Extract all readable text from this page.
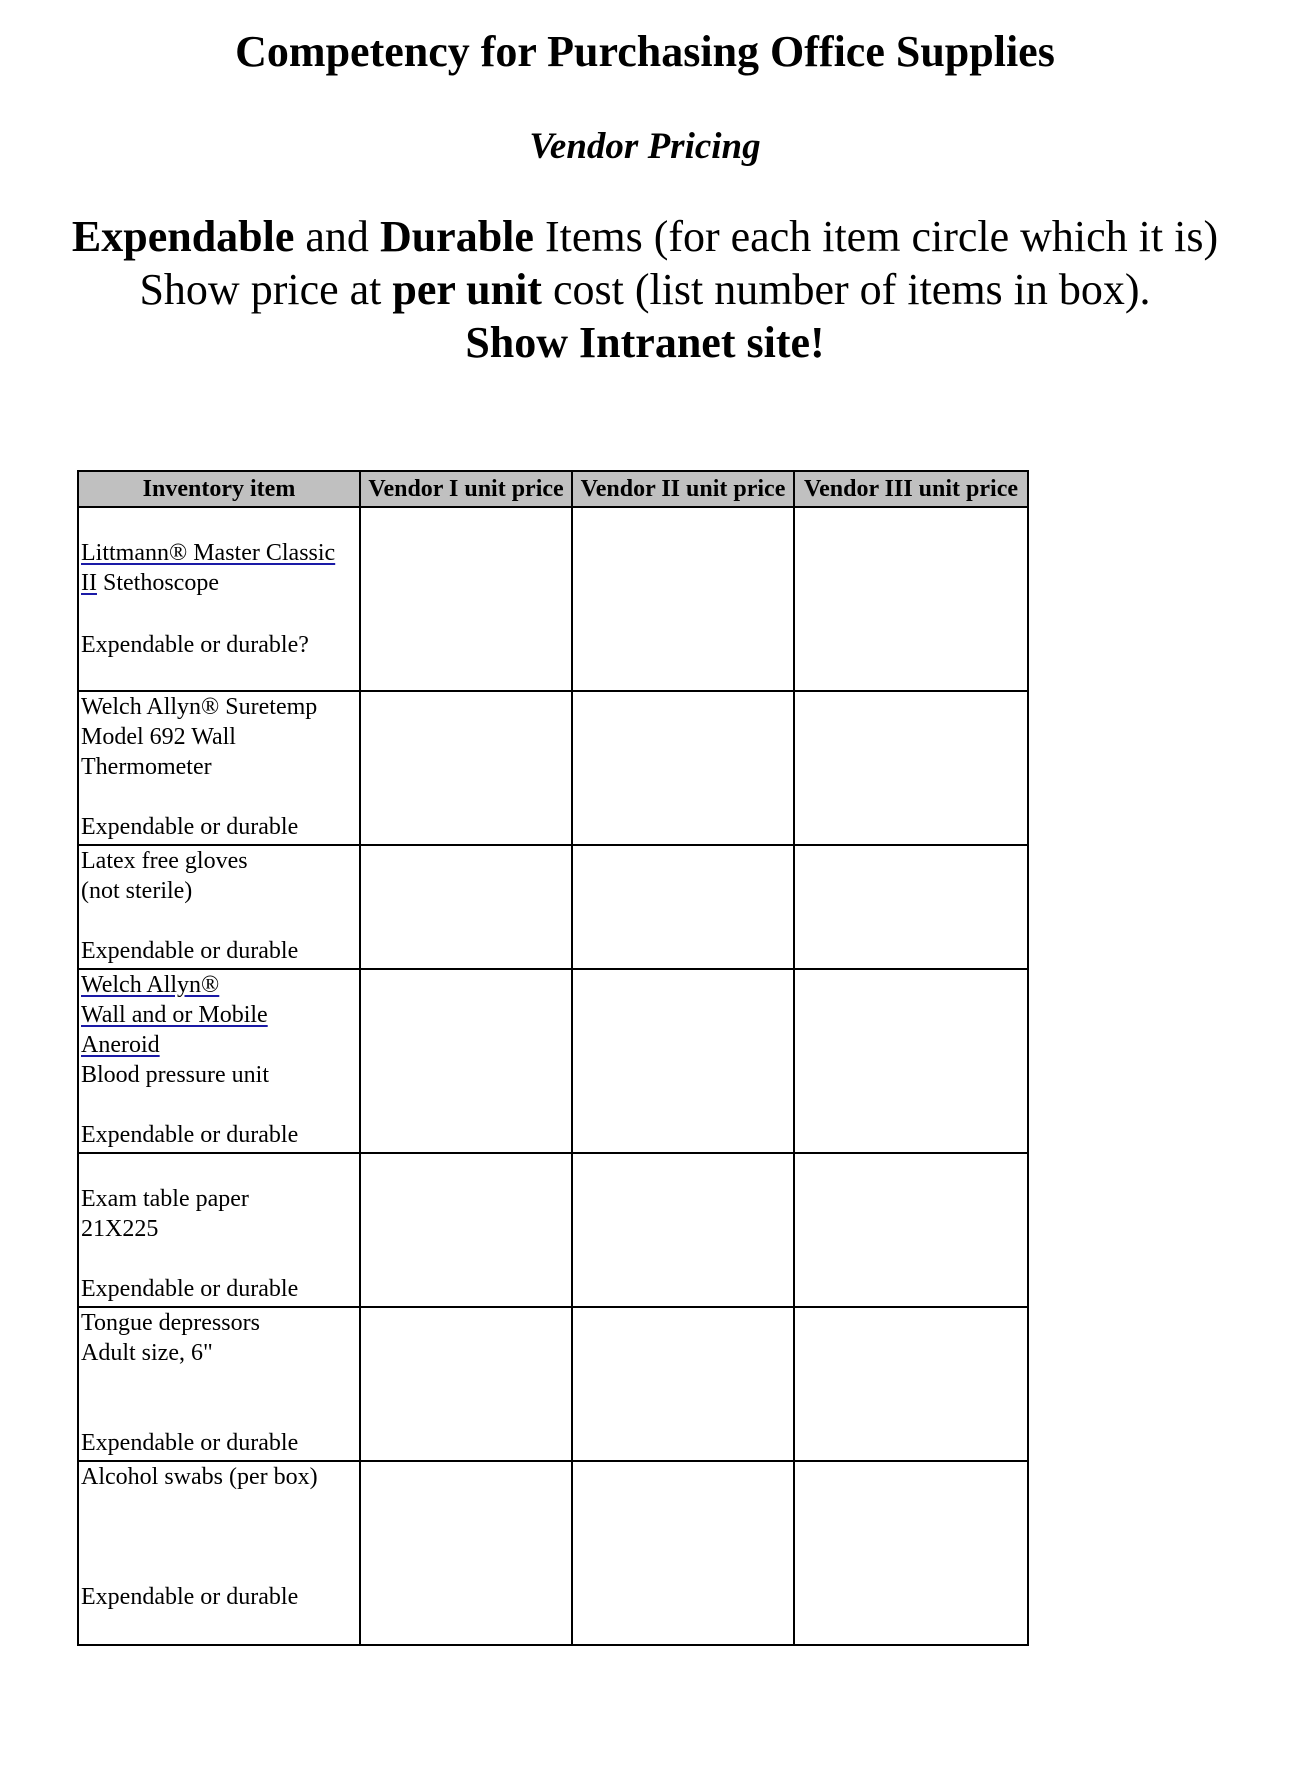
Competency for Purchasing Office Supplies
Vendor Pricing
Expendable and Durable Items (for each item circle which it is)
Show price at per unit cost (list number of items in box).
Show Intranet site!
Inventory item	Vendor I unit price	Vendor II unit price	Vendor III unit price

Littmann® Master Classic
II Stethoscope
Expendable or durable?			

Welch Allyn® Suretemp
Model 692 Wall
Thermometer
Expendable or durable			

Latex free gloves
(not sterile)
Expendable or durable			

Welch Allyn®
Wall and or Mobile
Aneroid
Blood pressure unit
Expendable or durable			

Exam table paper
21X225
Expendable or durable			

Tongue depressors
Adult size, 6"
Expendable or durable			

Alcohol swabs (per box)
Expendable or durable			
